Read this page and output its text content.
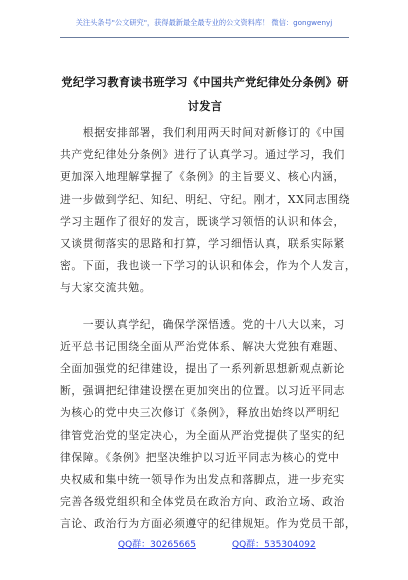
关注头条号"公文研究"，获得最新最全最专业的公文资料库！ 微信：gongwenyj
党纪学习教育读书班学习《中国共产党纪律处分条例》研
讨发言

　　根据安排部署，我们利用两天时间对新修订的《中国
共产党纪律处分条例》进行了认真学习。通过学习，我们
更加深入地理解掌握了《条例》的主旨要义、核心内涵，
进一步做到学纪、知纪、明纪、守纪。刚才，XX同志围绕
学习主题作了很好的发言，既谈学习领悟的认识和体会，
又谈贯彻落实的思路和打算，学习细悟认真，联系实际紧
密。下面，我也谈一下学习的认识和体会，作为个人发言，
与大家交流共勉。

　　一要认真学纪，确保学深悟透。党的十八大以来，习
近平总书记围绕全面从严治党体系、解决大党独有难题、
全面加强党的纪律建设，提出了一系列新思想新观点新论
断，强调把纪律建设摆在更加突出的位置。以习近平同志
为核心的党中央三次修订《条例》，释放出始终以严明纪
律管党治党的坚定决心，为全面从严治党提供了坚实的纪
律保障。《条例》把坚决维护以习近平同志为核心的党中
央权威和集中统一领导作为出发点和落脚点，进一步充实
完善各级党组织和全体党员在政治方向、政治立场、政治
言论、政治行为方面必须遵守的纪律规矩。作为党员干部，

QQ群：30265665	QQ群：535304092
